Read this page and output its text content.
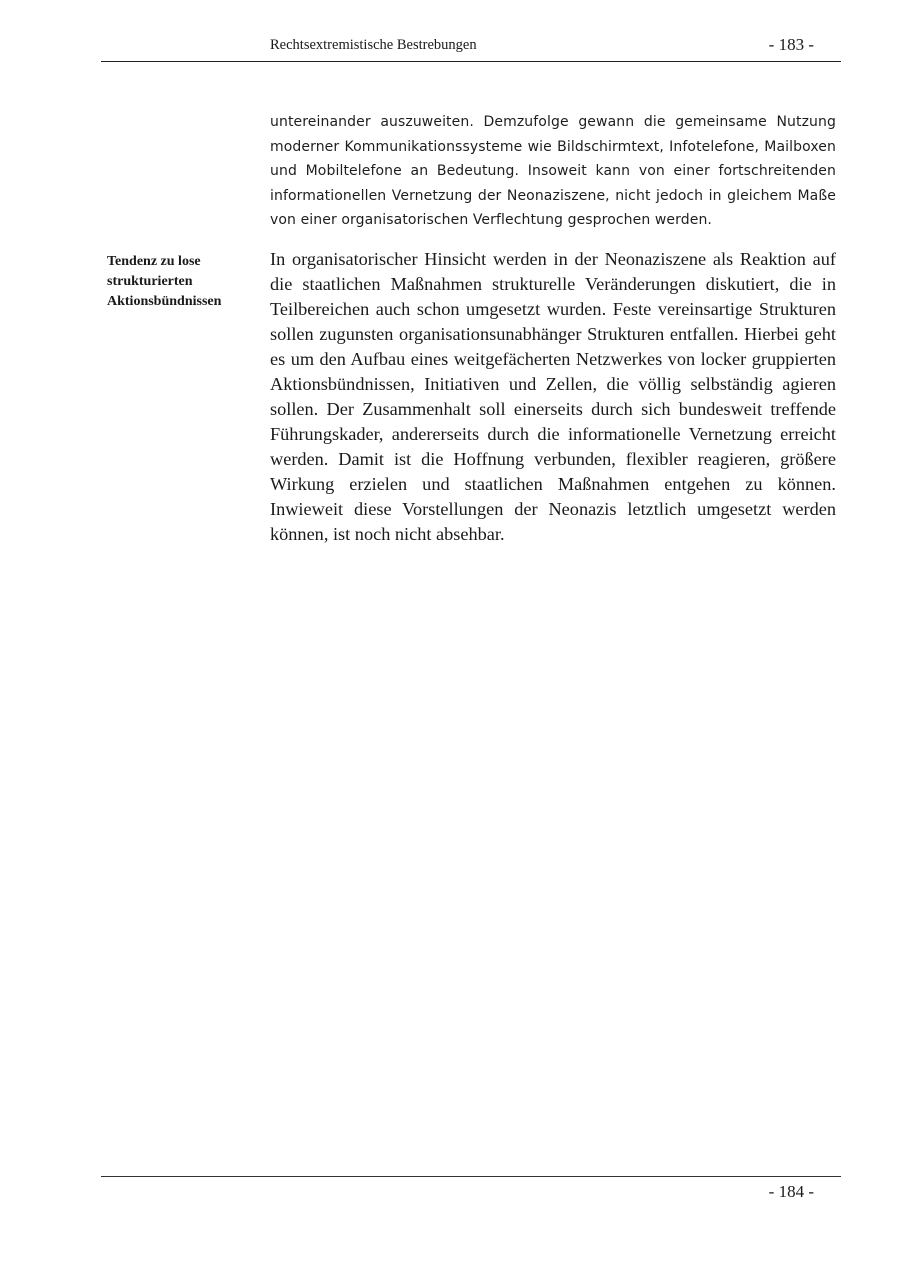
Rechtsextremistische Bestrebungen	- 183 -

untereinander auszuweiten. Demzufolge gewann die gemeinsame Nutzung moderner Kommunikationssysteme wie Bildschirmtext, Infotelefone, Mailboxen und Mobiltelefone an Bedeutung. Insoweit kann von einer fortschreitenden informationellen Vernetzung der Neonaziszene, nicht jedoch in gleichem Maße von einer organisatorischen Verflechtung gesprochen werden.

Tendenz zu lose strukturierten Aktionsbündnissen

In organisatorischer Hinsicht werden in der Neonaziszene als Reaktion auf die staatlichen Maßnahmen strukturelle Veränderungen diskutiert, die in Teilbereichen auch schon umgesetzt wurden. Feste vereinsartige Strukturen sollen zugunsten organisationsunabhänger Strukturen entfallen. Hierbei geht es um den Aufbau eines weitgefächerten Netzwerkes von locker gruppierten Aktionsbündnissen, Initiativen und Zellen, die völlig selbständig agieren sollen. Der Zusammenhalt soll einerseits durch sich bundesweit treffende Führungskader, andererseits durch die informationelle Vernetzung erreicht werden. Damit ist die Hoffnung verbunden, flexibler reagieren, größere Wirkung erzielen und staatlichen Maßnahmen entgehen zu können. Inwieweit diese Vorstellungen der Neonazis letztlich umgesetzt werden können, ist noch nicht absehbar.

- 184 -
